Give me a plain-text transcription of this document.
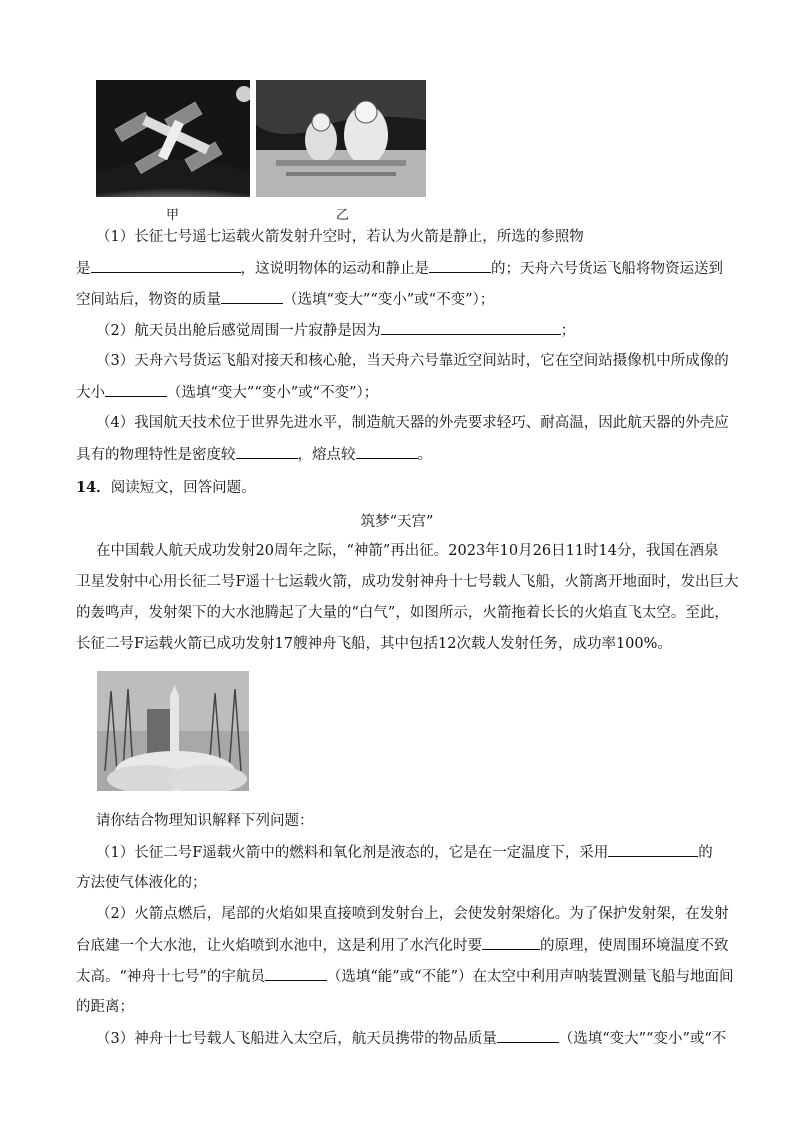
甲	乙
（1）长征七号遥七运载火箭发射升空时，若认为火箭是静止，所选的参照物
是	，这说明物体的运动和静止是	的；天舟六号货运飞船将物资运送到
空间站后，物资的质量	（选填“变大”“变小”或“不变”）；
（2）航天员出舱后感觉周围一片寂静是因为	；
（3）天舟六号货运飞船对接天和核心舱，当天舟六号靠近空间站时，它在空间站摄像机中所成像的
大小	（选填“变大”“变小”或“不变”）；
（4）我国航天技术位于世界先进水平，制造航天器的外壳要求轻巧、耐高温，因此航天器的外壳应
具有的物理特性是密度较	，熔点较	。
14．阅读短文，回答问题。
筑梦“天宫”
在中国载人航天成功发射20周年之际，“神箭”再出征。2023年10月26日11时14分，我国在酒泉
卫星发射中心用长征二号F遥十七运载火箭，成功发射神舟十七号载人飞船，火箭离开地面时，发出巨大
的轰鸣声，发射架下的大水池腾起了大量的“白气”，如图所示，火箭拖着长长的火焰直飞太空。至此，
长征二号F运载火箭已成功发射17艘神舟飞船，其中包括12次载人发射任务，成功率100%。
请你结合物理知识解释下列问题：
（1）长征二号F遥载火箭中的燃料和氧化剂是液态的，它是在一定温度下，采用	的
方法使气体液化的；
（2）火箭点燃后，尾部的火焰如果直接喷到发射台上，会使发射架熔化。为了保护发射架，在发射
台底建一个大水池，让火焰喷到水池中，这是利用了水汽化时要	的原理，使周围环境温度不致
太高。“神舟十七号”的宇航员	（选填“能”或“不能”）在太空中利用声呐装置测量飞船与地面间
的距离；
（3）神舟十七号载人飞船进入太空后，航天员携带的物品质量	（选填“变大”“变小”或“不
